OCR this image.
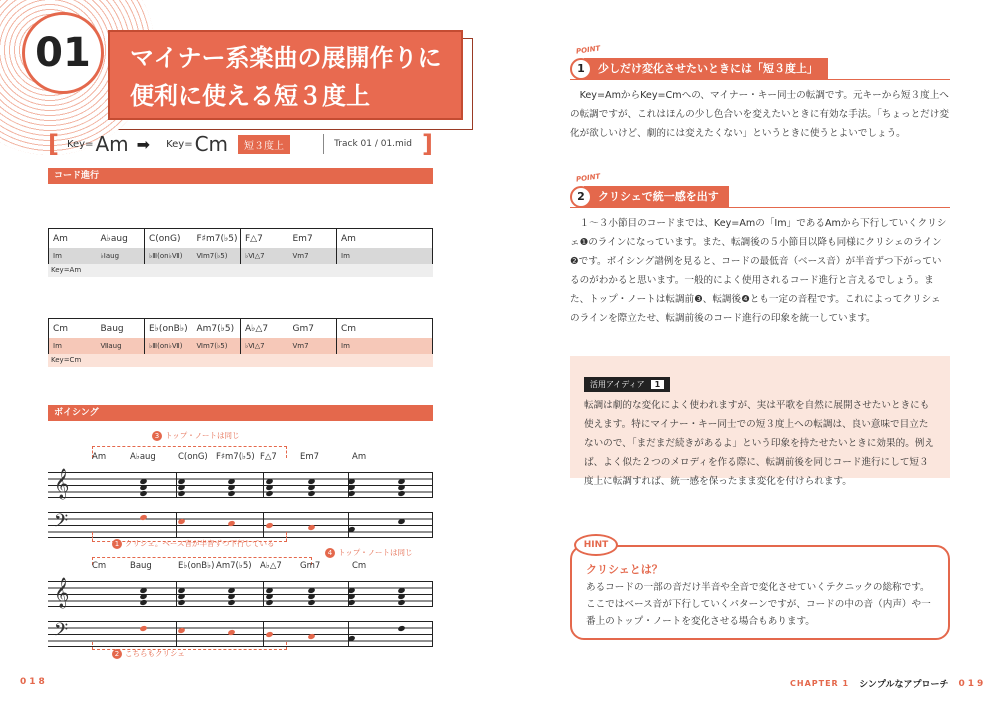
01	マイナー系楽曲の展開作りに
便利に使える短３度上
[ Key= Am ➡ Key= Cm	短３度上	Track 01 / 01.mid ]
コード進行
Am	A♭aug	C(onG)	F♯m7(♭5) F△7	Em7	Am
Ⅰm	♭Ⅰaug	♭Ⅲ(on♭Ⅶ)	Ⅵm7(♭5)	♭Ⅵ△7	Ⅴm7	Ⅰm
Key=Am
Cm	Baug	E♭(onB♭) Am7(♭5)	A♭△7	Gm7	Cm
Ⅰm	Ⅶaug	♭Ⅲ(on♭Ⅶ)	Ⅵm7(♭5)	♭Ⅵ△7	Ⅴm7	Ⅰm
Key=Cm
ボイシング
3 トップ・ノートは同じ
Am	A♭aug	C(onG) F♯m7(♭5) F△7	Em7	Am
𝄞
𝄢
1 クリシェ。ベース音が半音ずつ下行している
4 トップ・ノートは同じ
Cm	Baug	E♭(onB♭) Am7(♭5) A♭△7 Gm7	Cm
𝄞
𝄢
2 こちらもクリシェ
018
POINT
1	少しだけ変化させたいときには「短３度上」

Key=AmからKey=Cmへの、マイナー・キー同士の転調です。元キーから短３度上への転調ですが、これはほんの少し色合いを変えたいときに有効な手法。「ちょっとだけ変化が欲しいけど、劇的には変えたくない」というときに使うとよいでしょう。

POINT
2	クリシェで統一感を出す

１〜３小節目のコードまでは、Key=Amの「Ⅰm」であるAmから下行していくクリシェ❶のラインになっています。また、転調後の５小節目以降も同様にクリシェのライン❷です。ボイシング譜例を見ると、コードの最低音（ベース音）が半音ずつ下がっているのがわかると思います。一般的によく使用されるコード進行と言えるでしょう。また、トップ・ノートは転調前❸、転調後❹とも一定の音程です。これによってクリシェのラインを際立たせ、転調前後のコード進行の印象を統一しています。

活用アイディア	1
転調は劇的な変化によく使われますが、実は平歌を自然に展開させたいときにも使えます。特にマイナー・キー同士での短３度上への転調は、良い意味で目立たないので、「まだまだ続きがあるよ」という印象を持たせたいときに効果的。例えば、よく似た２つのメロディを作る際に、転調前後を同じコード進行にして短３度上に転調すれば、統一感を保ったまま変化を付けられます。
HINT
クリシェとは？
あるコードの一部の音だけ半音や全音で変化させていくテクニックの総称です。ここではベース音が下行していくパターンですが、コードの中の音（内声）や一番上のトップ・ノートを変化させる場合もあります。
CHAPTER 1 シンプルなアプローチ 019
